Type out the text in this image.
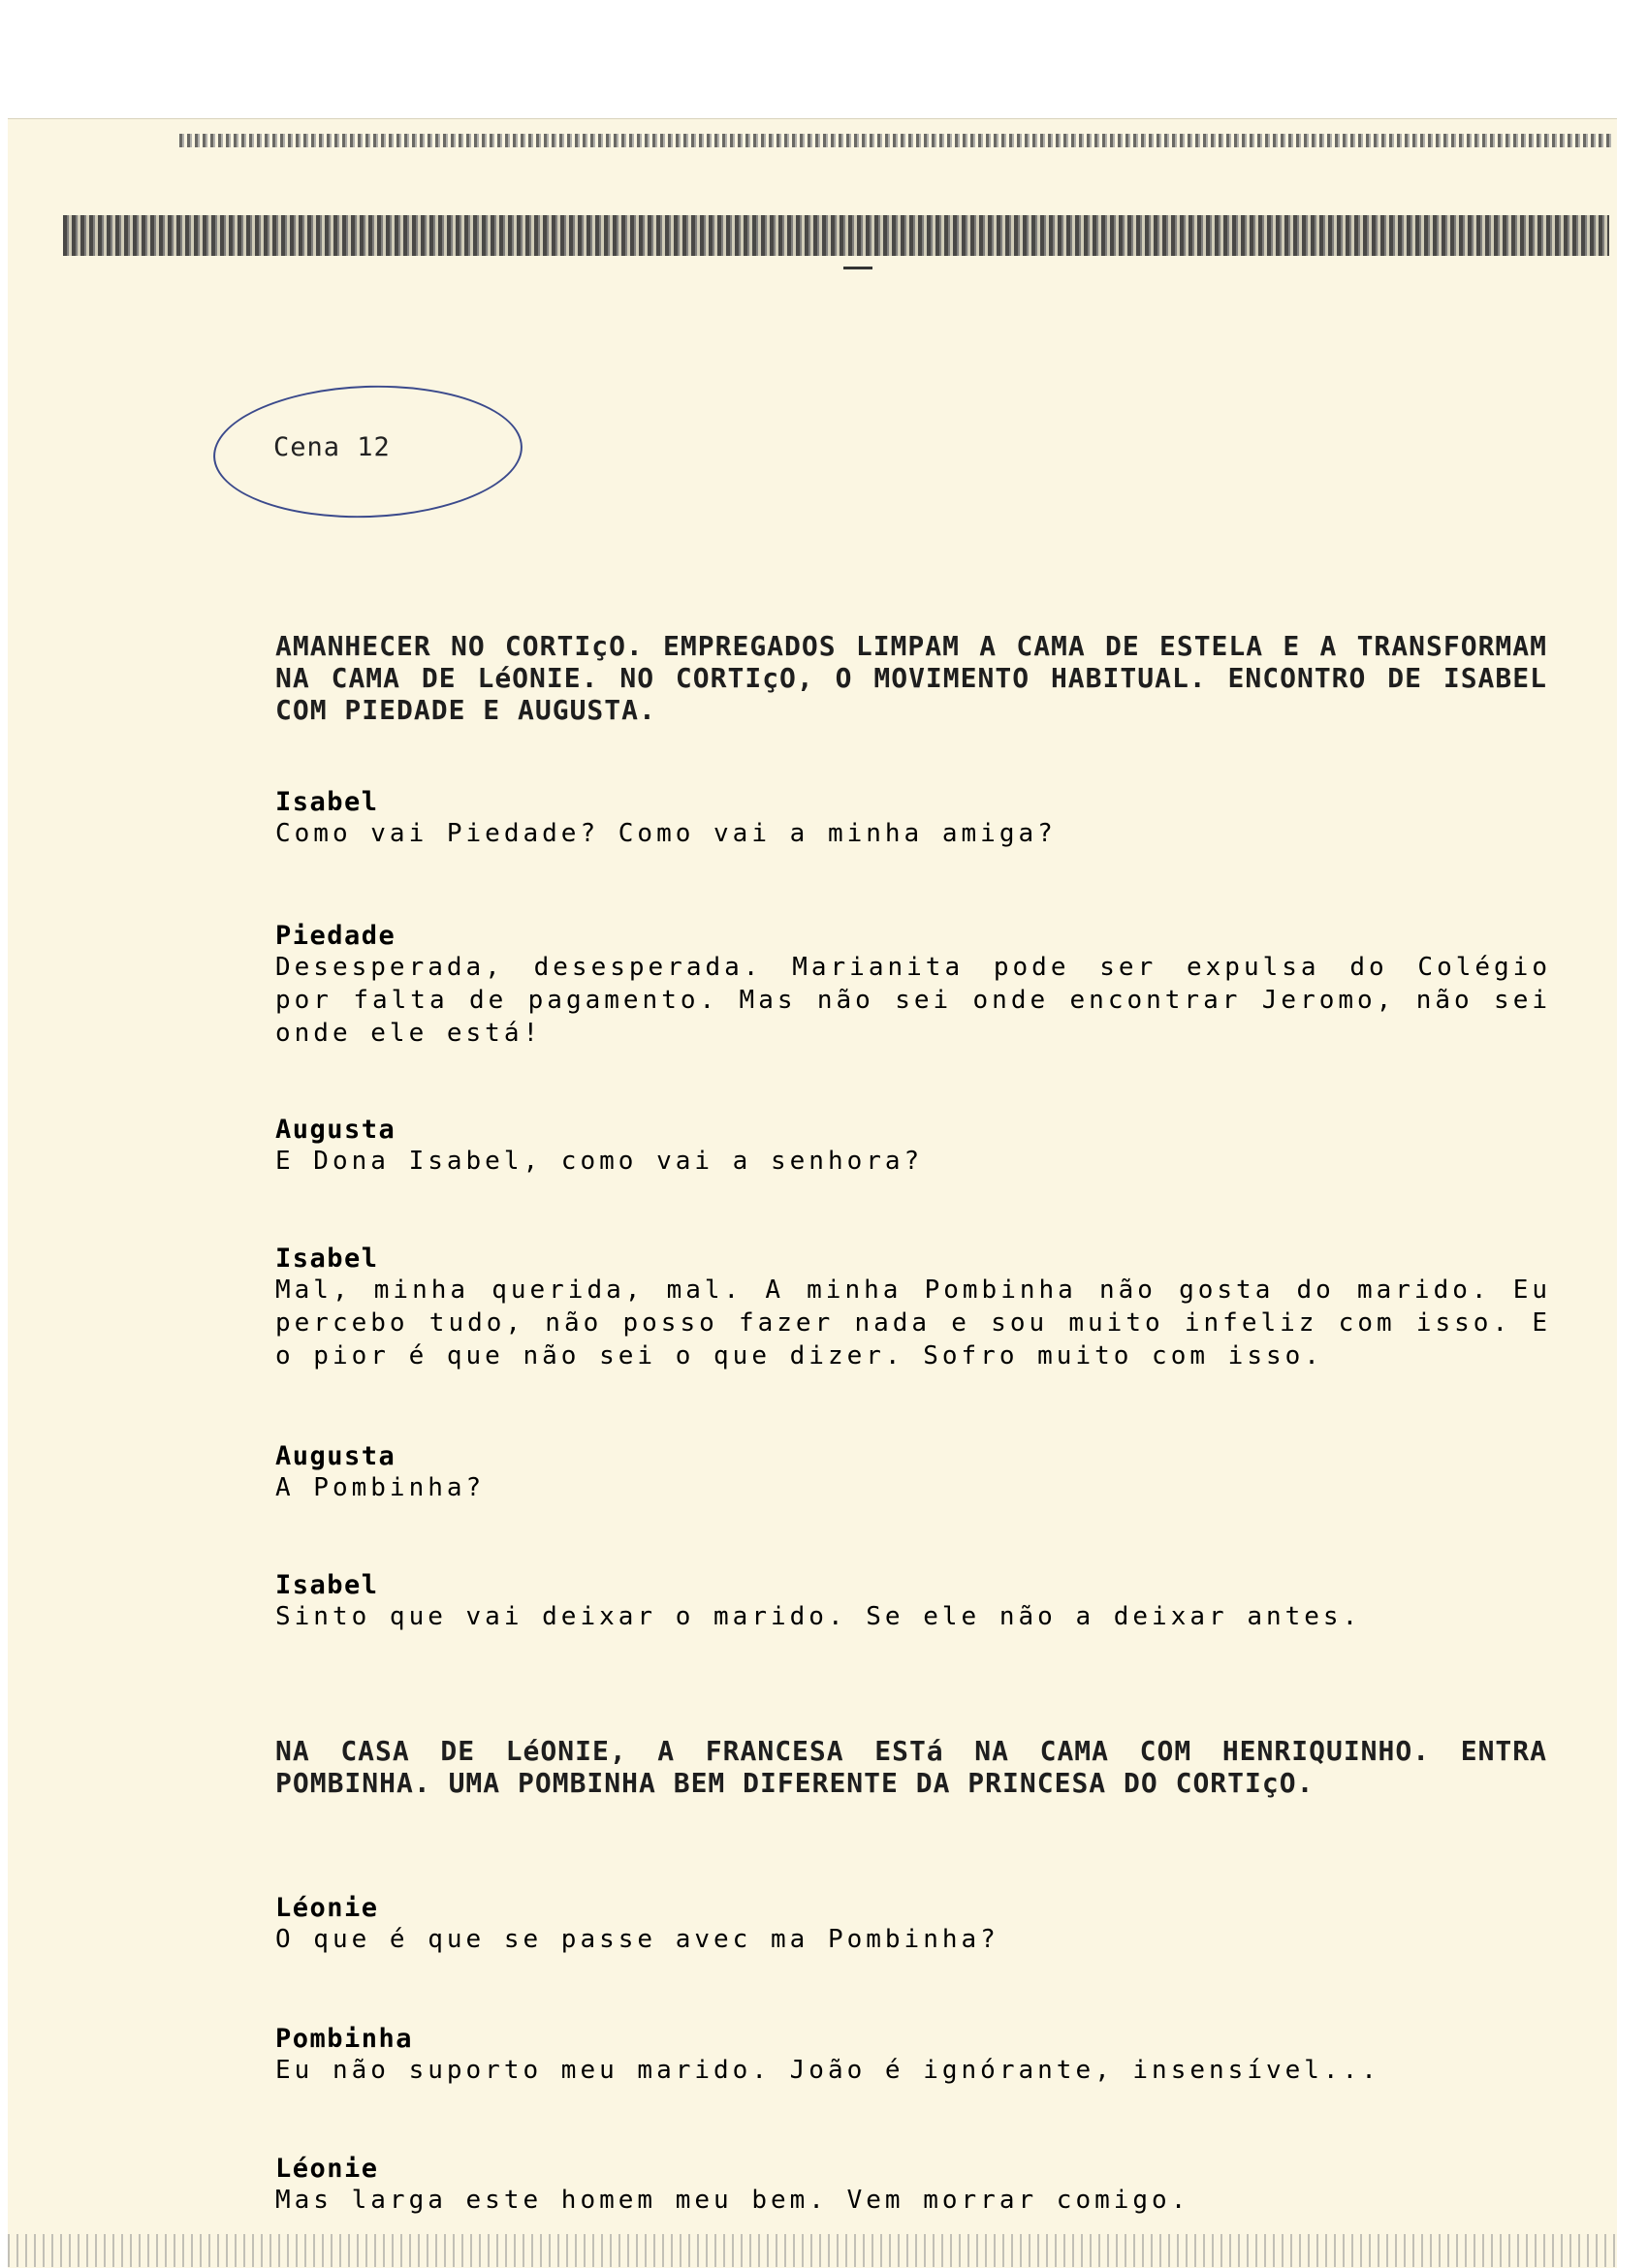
Cena 12
AMANHECER NO CORTIçO. EMPREGADOS LIMPAM A CAMA DE ESTELA E A TRANSFORMAM NA CAMA DE LéONIE. NO CORTIçO, O MOVIMENTO HABITUAL. ENCONTRO DE ISABEL COM PIEDADE E AUGUSTA.
Isabel
Como vai Piedade? Como vai a minha amiga?
Piedade
Desesperada, desesperada. Marianita pode ser expulsa do Colégio por falta de pagamento. Mas não sei onde encontrar Jeromo, não sei onde ele está!
Augusta
E Dona Isabel, como vai a senhora?
Isabel
Mal, minha querida, mal. A minha Pombinha não gosta do marido. Eu percebo tudo, não posso fazer nada e sou muito infeliz com isso. E o pior é que não sei o que dizer. Sofro muito com isso.
Augusta
A Pombinha?
Isabel
Sinto que vai deixar o marido. Se ele não a deixar antes.
NA CASA DE LéONIE, A FRANCESA ESTá NA CAMA COM HENRIQUINHO. ENTRA POMBINHA. UMA POMBINHA BEM DIFERENTE DA PRINCESA DO CORTIçO.
Léonie
O que é que se passe avec ma Pombinha?
Pombinha
Eu não suporto meu marido. João é ignórante, insensível...
Léonie
Mas larga este homem meu bem. Vem morrar comigo.
